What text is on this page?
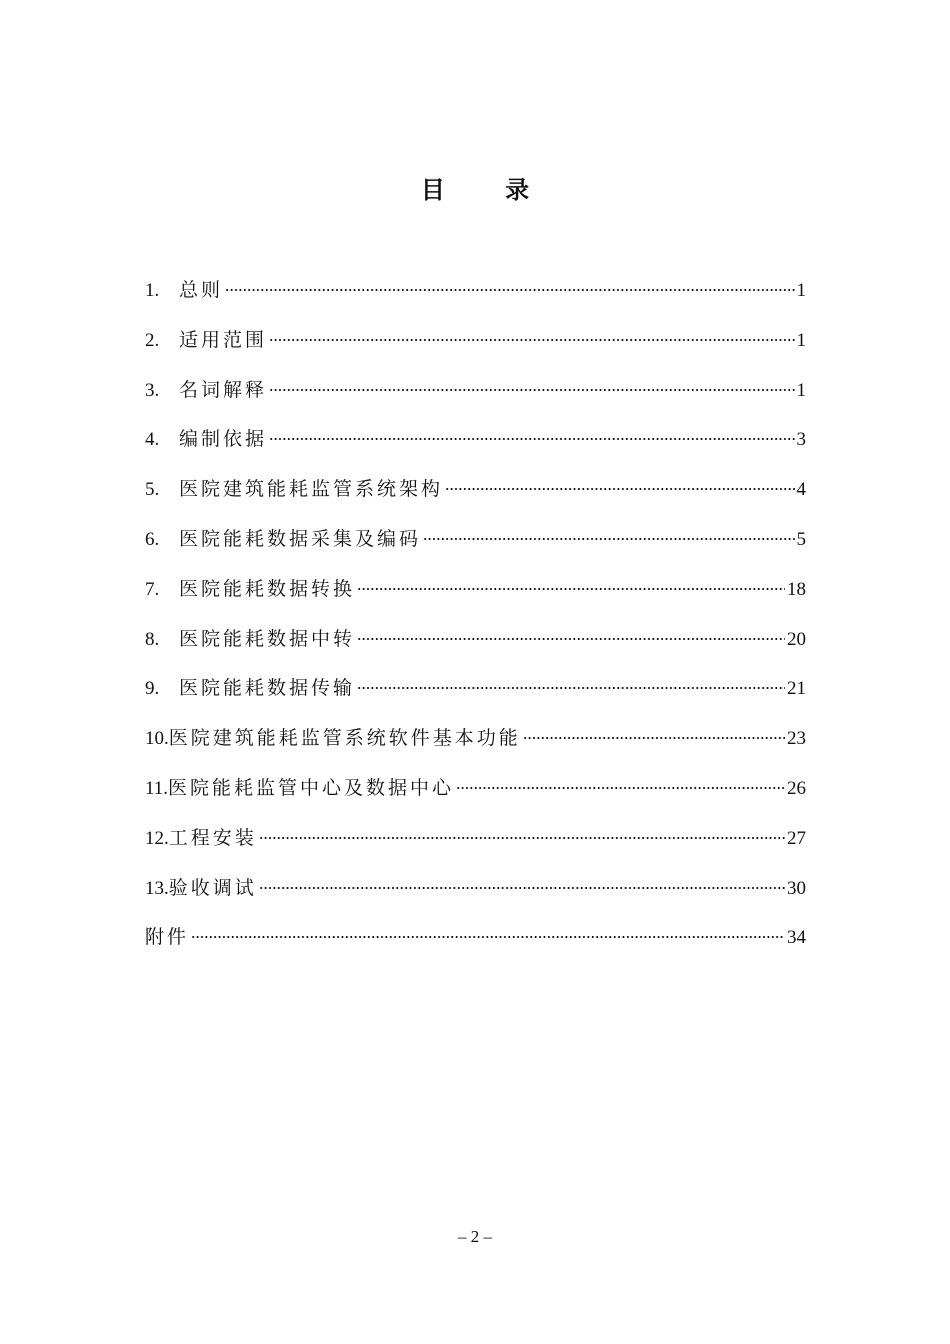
目 录
1.	总则	1
2.	适用范围	1
3.	名词解释	1
4.	编制依据	3
5.	医院建筑能耗监管系统架构	4
6.	医院能耗数据采集及编码	5
7.	医院能耗数据转换	18
8.	医院能耗数据中转	20
9.	医院能耗数据传输	21
10. 医院建筑能耗监管系统软件基本功能	23
11. 医院能耗监管中心及数据中心	26
12. 工程安装	27
13. 验收调试	30
附件	34
– 2 –
